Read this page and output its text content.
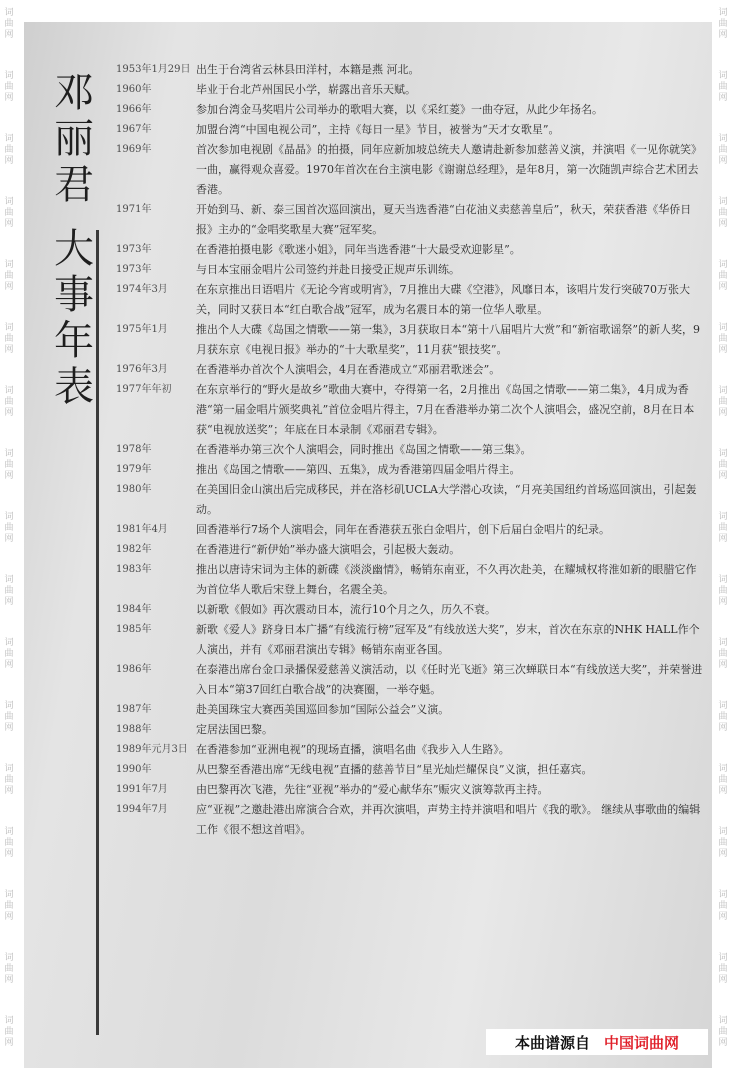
词
曲
网
词
曲
网
词
曲
网
词
曲
网
词
曲
网
词
曲
网
词
曲
网
词
曲
网
词
曲
网
词
曲
网
词
曲
网
词
曲
网
词
曲
网
词
曲
网
词
曲
网
词
曲
网
词
曲
网
词
曲
网
词
曲
网
词
曲
网
词
曲
网
词
曲
网
词
曲
网
词
曲
网
词
曲
网
词
曲
网
词
曲
网
词
曲
网
词
曲
网
词
曲
网
词
曲
网
词
曲
网
词
曲
网
词
曲
网
邓
丽
君
大
事
年
表
1953年1月29日 出生于台湾省云林县田洋村，本籍是燕 河北。
1960年	毕业于台北芦州国民小学，崭露出音乐天赋。
1966年	参加台湾金马奖唱片公司举办的歌唱大赛，以《采红菱》一曲夺冠，从此少年扬名。
1967年	加盟台湾“中国电视公司”，主持《每日一星》节目，被誉为“天才女歌星”。
1969年	首次参加电视剧《晶晶》的拍摄，同年应新加坡总统夫人邀请赴新参加慈善义演，并演唱《一见你就笑》一曲，赢得观众喜爱。1970年首次在台主演电影《谢谢总经理》，是年8月，第一次随凯声综合艺术团去香港。
1971年	开始到马、新、泰三国首次巡回演出，夏天当选香港“白花油义卖慈善皇后”，秋天，荣获香港《华侨日报》主办的“金唱奖歌星大赛”冠军奖。
1973年	在香港拍摄电影《歌迷小姐》，同年当选香港“十大最受欢迎影星”。
1973年	与日本宝丽金唱片公司签约并赴日接受正规声乐训练。
1974年3月	在东京推出日语唱片《无论今宵或明宵》，7月推出大碟《空港》，风靡日本，该唱片发行突破70万张大关，同时又获日本“红白歌合战”冠军，成为名震日本的第一位华人歌星。
1975年1月	推出个人大碟《岛国之情歌——第一集》，3月获取日本“第十八届唱片大赏”和“新宿歌谣祭”的新人奖，9月获东京《电视日报》举办的“十大歌星奖”，11月获“银技奖”。
1976年3月	在香港举办首次个人演唱会，4月在香港成立“邓丽君歌迷会”。
1977年年初	在东京举行的“野火是故乡”歌曲大赛中，夺得第一名，2月推出《岛国之情歌——第二集》，4月成为香港“第一届金唱片颁奖典礼”首位金唱片得主，7月在香港举办第二次个人演唱会，盛况空前，8月在日本获“电视放送奖”；年底在日本录制《邓丽君专辑》。
1978年	在香港举办第三次个人演唱会，同时推出《岛国之情歌——第三集》。
1979年	推出《岛国之情歌——第四、五集》，成为香港第四届金唱片得主。
1980年	在美国旧金山演出后完成移民，并在洛杉矶UCLA大学潜心攻读，“月亮美国纽约首场巡回演出，引起轰动。
1981年4月	回香港举行7场个人演唱会，同年在香港获五张白金唱片，创下后届白金唱片的纪录。
1982年	在香港进行“新伊始”举办盛大演唱会，引起极大轰动。
1983年	推出以唐诗宋词为主体的新碟《淡淡幽情》，畅销东南亚，不久再次赴美，在耀城权将淮如新的眼腊它作为首位华人歌后宋登上舞台，名震全美。
1984年	以新歌《假如》再次震动日本，流行10个月之久，历久不衰。
1985年	新歌《爱人》跻身日本广播“有线流行榜”冠军及“有线放送大奖”，岁末，首次在东京的NHK HALL作个人演出，并有《邓丽君演出专辑》畅销东南亚各国。
1986年	在泰港出席台金口录播保爱慈善义演活动，以《任时光飞逝》第三次蝉联日本“有线放送大奖”，并荣誉进入日本“第37回红白歌合战”的决赛圈，一举夺魁。
1987年	赴美国珠宝大赛西美国巡回参加“国际公益会”义演。
1988年	定居法国巴黎。
1989年元月3日 在香港参加“亚洲电视”的现场直播，演唱名曲《我步入人生路》。
1990年	从巴黎至香港出席“无线电视”直播的慈善节目“星光灿烂耀保良”义演，担任嘉宾。
1991年7月	由巴黎再次飞港，先往“亚视”举办的“爱心献华东”赈灾义演筹款再主持。
1994年7月	应“亚视”之邀赴港出席演合合欢，并再次演唱，声势主持并演唱和唱片《我的歌》。 继续从事歌曲的编辑工作《很不想这首唱》。
本曲谱源自 中国词曲网
